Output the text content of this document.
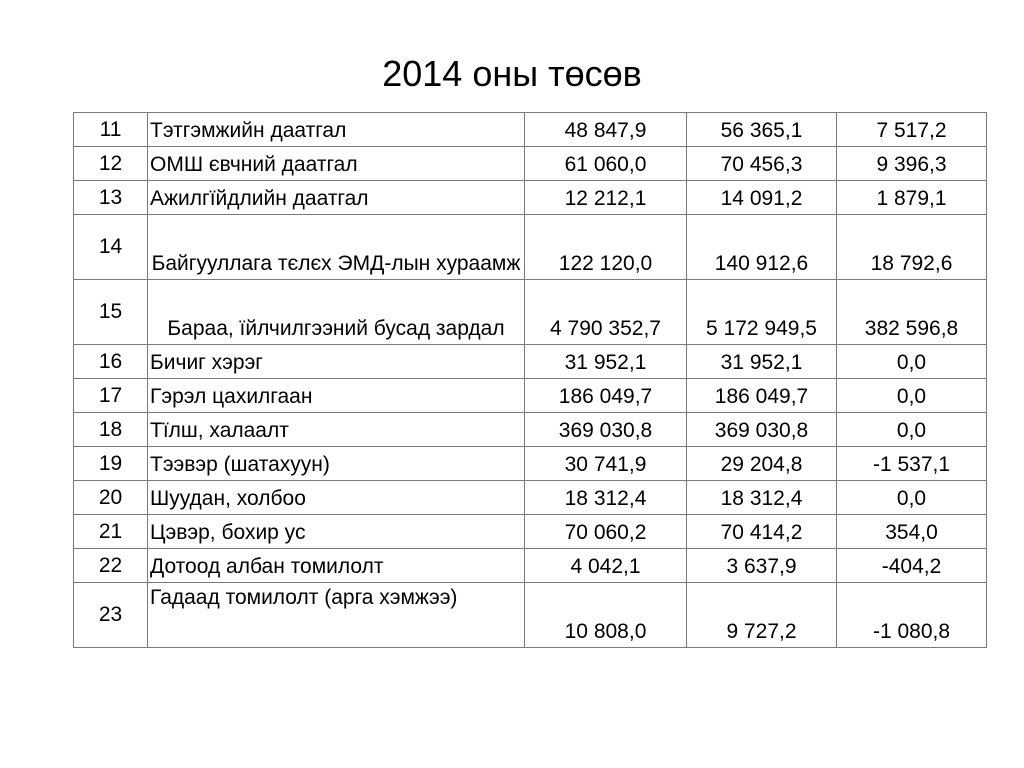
2014 оны төсөв
11	Тэтгэмжийн даатгал	48 847,9	56 365,1	7 517,2
12	ОМШ євчний даатгал	61 060,0	70 456,3	9 396,3
13	Ажилгїйдлийн даатгал	12 212,1	14 091,2	1 879,1
14	Байгууллага тєлєх ЭМД-лын хураамж	122 120,0	140 912,6	18 792,6
15	Бараа, їйлчилгээний бусад зардал	4 790 352,7	5 172 949,5	382 596,8
16	Бичиг хэрэг	31 952,1	31 952,1	0,0
17	Гэрэл цахилгаан	186 049,7	186 049,7	0,0
18	Тїлш, халаалт	369 030,8	369 030,8	0,0
19	Тээвэр (шатахуун)	30 741,9	29 204,8	-1 537,1
20	Шуудан, холбоо	18 312,4	18 312,4	0,0
21	Цэвэр, бохир ус	70 060,2	70 414,2	354,0
22	Дотоод албан томилолт	4 042,1	3 637,9	-404,2
23	Гадаад томилолт (арга хэмжээ)	10 808,0	9 727,2	-1 080,8
